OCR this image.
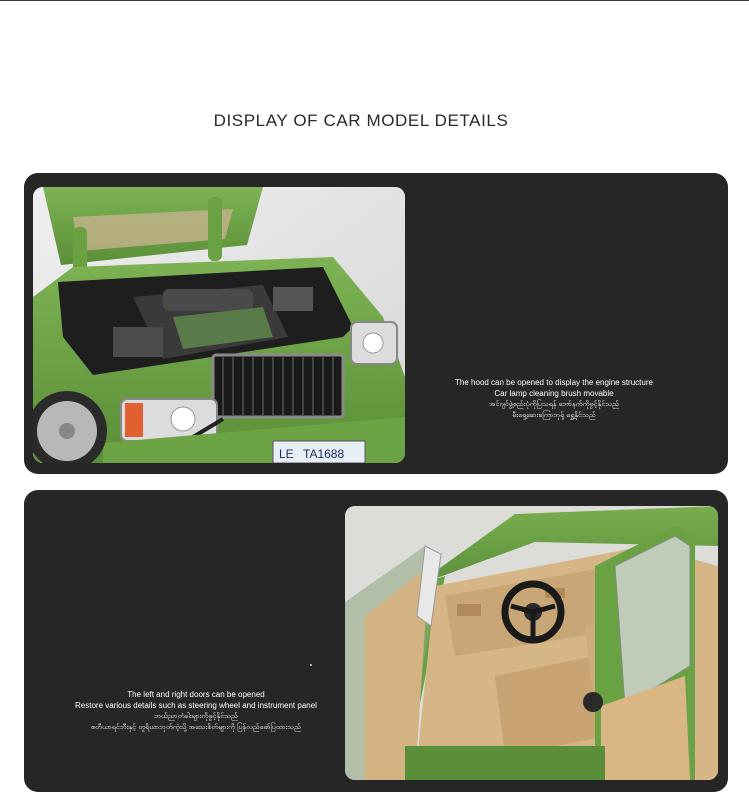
DISPLAY OF CAR MODEL DETAILS
LE TA1688
The hood can be opened to display the engine structure
Car lamp cleaning brush movable
အင်ဂျင်ဖွဲ့စည်းပုံကိုပြသရန် ဘော်နက်ကိုဖွင့်နိုင်သည်
မီးရှေ့ဆေးကြောဘုရှ် ရွှေ့နိုင်သည်
The left and right doors can be opened
Restore various details such as steering wheel and instrument panel
ဘယ်ညာတံခါးများကိုဖွင့်နိုင်သည်
စတီယာရင်ဘီးနှင့် တူရိယာဘုတ်ကဲ့သို့ အသေးစိတ်များကို ပြန်လည်ဖော်ပြထားသည်
